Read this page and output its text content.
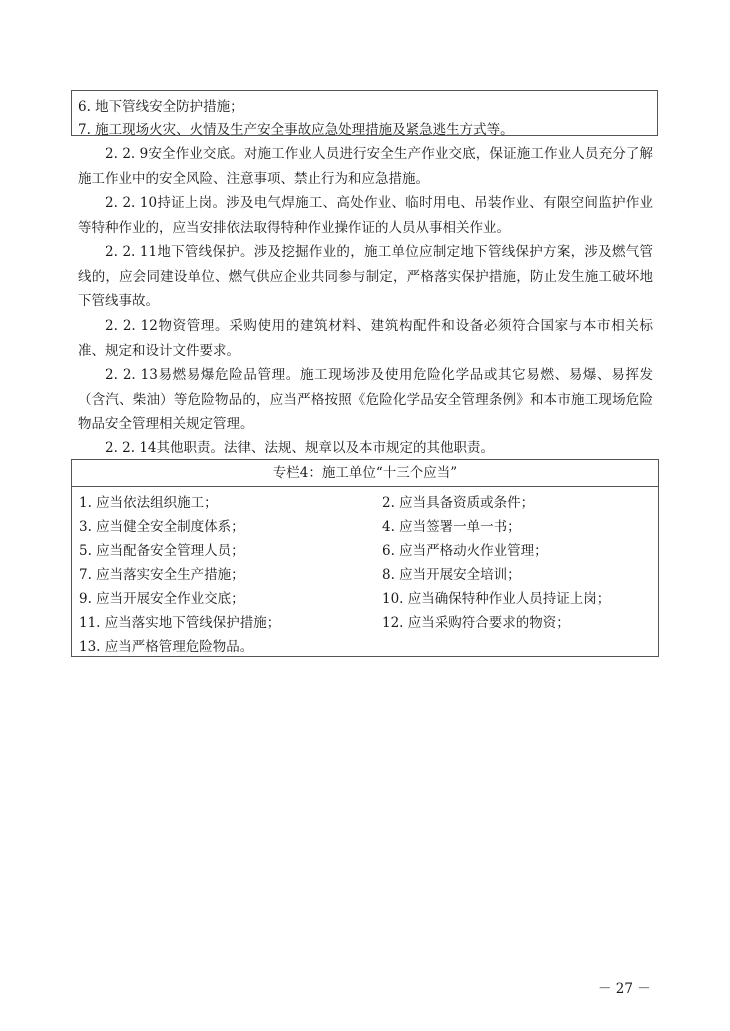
6. 地下管线安全防护措施；
7. 施工现场火灾、火情及生产安全事故应急处理措施及紧急逃生方式等。

2. 2. 9安全作业交底。对施工作业人员进行安全生产作业交底，保证施工作业人员充分了解施工作业中的安全风险、注意事项、禁止行为和应急措施。

2. 2. 10持证上岗。涉及电气焊施工、高处作业、临时用电、吊装作业、有限空间监护作业等特种作业的，应当安排依法取得特种作业操作证的人员从事相关作业。

2. 2. 11地下管线保护。涉及挖掘作业的，施工单位应制定地下管线保护方案，涉及燃气管线的，应会同建设单位、燃气供应企业共同参与制定，严格落实保护措施，防止发生施工破坏地下管线事故。

2. 2. 12物资管理。采购使用的建筑材料、建筑构配件和设备必须符合国家与本市相关标准、规定和设计文件要求。

2. 2. 13易燃易爆危险品管理。施工现场涉及使用危险化学品或其它易燃、易爆、易挥发（含汽、柴油）等危险物品的，应当严格按照《危险化学品安全管理条例》和本市施工现场危险物品安全管理相关规定管理。

2. 2. 14其他职责。法律、法规、规章以及本市规定的其他职责。

专栏4：施工单位“十三个应当”
1. 应当依法组织施工；	2. 应当具备资质或条件；
3. 应当健全安全制度体系；	4. 应当签署一单一书；
5. 应当配备安全管理人员；	6. 应当严格动火作业管理；
7. 应当落实安全生产措施；	8. 应当开展安全培训；
9. 应当开展安全作业交底；	10. 应当确保特种作业人员持证上岗；
11. 应当落实地下管线保护措施；	12. 应当采购符合要求的物资；
13. 应当严格管理危险物品。
－ 27 －
